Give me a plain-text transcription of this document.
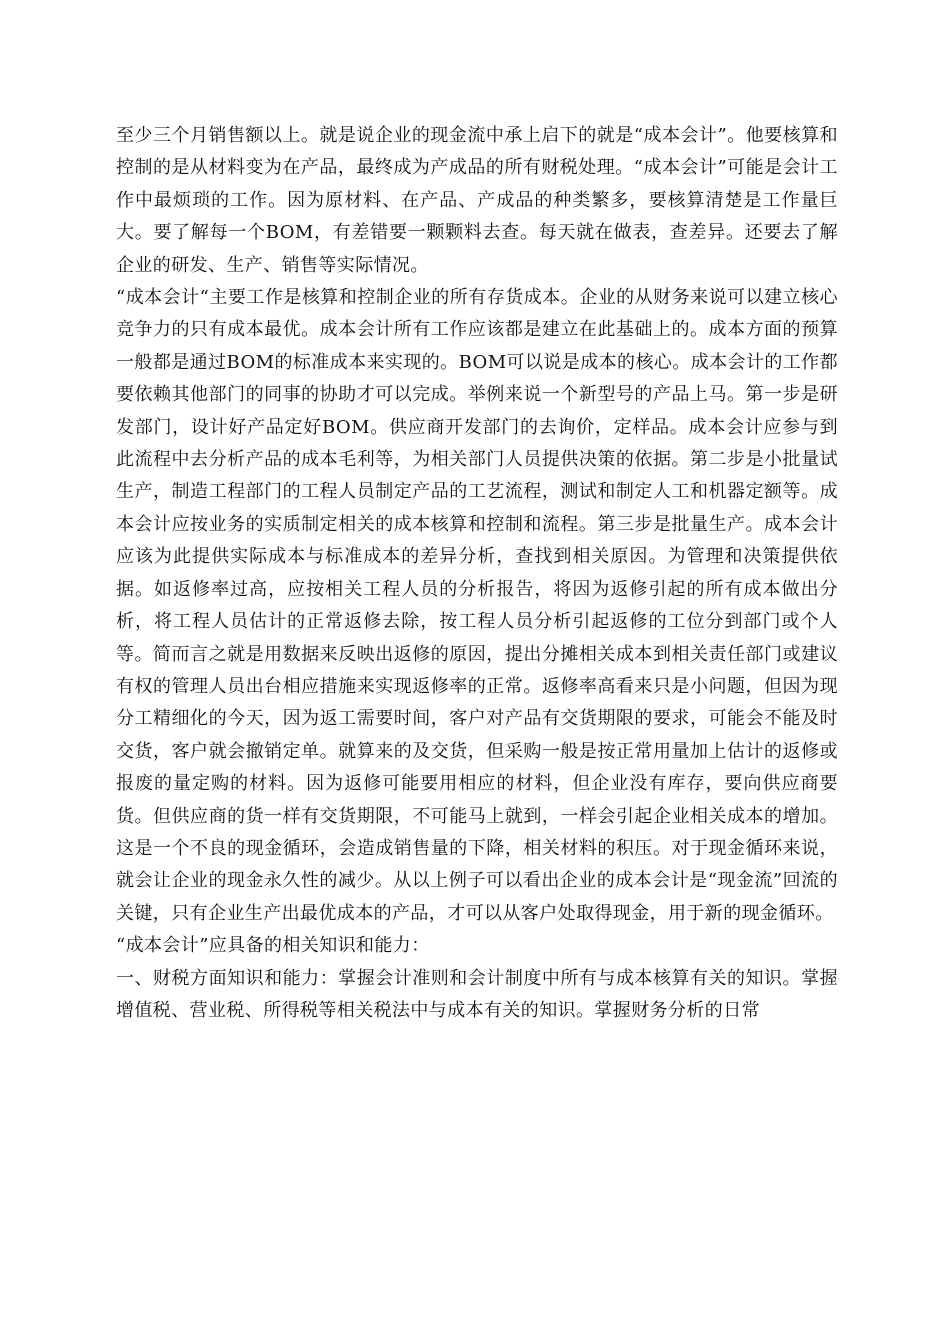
至少三个月销售额以上。就是说企业的现金流中承上启下的就是“成本会计”。他要核算和控制的是从材料变为在产品，最终成为产成品的所有财税处理。“成本会计”可能是会计工作中最烦琐的工作。因为原材料、在产品、产成品的种类繁多，要核算清楚是工作量巨大。要了解每一个BOM，有差错要一颗颗料去查。每天就在做表，查差异。还要去了解企业的研发、生产、销售等实际情况。

“成本会计“主要工作是核算和控制企业的所有存货成本。企业的从财务来说可以建立核心竞争力的只有成本最优。成本会计所有工作应该都是建立在此基础上的。成本方面的预算一般都是通过BOM的标准成本来实现的。BOM可以说是成本的核心。成本会计的工作都要依赖其他部门的同事的协助才可以完成。举例来说一个新型号的产品上马。第一步是研发部门，设计好产品定好BOM。供应商开发部门的去询价，定样品。成本会计应参与到此流程中去分析产品的成本毛利等，为相关部门人员提供决策的依据。第二步是小批量试生产，制造工程部门的工程人员制定产品的工艺流程，测试和制定人工和机器定额等。成本会计应按业务的实质制定相关的成本核算和控制和流程。第三步是批量生产。成本会计应该为此提供实际成本与标准成本的差异分析，查找到相关原因。为管理和决策提供依据。如返修率过高，应按相关工程人员的分析报告，将因为返修引起的所有成本做出分析，将工程人员估计的正常返修去除，按工程人员分析引起返修的工位分到部门或个人等。简而言之就是用数据来反映出返修的原因，提出分摊相关成本到相关责任部门或建议有权的管理人员出台相应措施来实现返修率的正常。返修率高看来只是小问题，但因为现分工精细化的今天，因为返工需要时间，客户对产品有交货期限的要求，可能会不能及时交货，客户就会撤销定单。就算来的及交货，但采购一般是按正常用量加上估计的返修或报废的量定购的材料。因为返修可能要用相应的材料，但企业没有库存，要向供应商要货。但供应商的货一样有交货期限，不可能马上就到，一样会引起企业相关成本的增加。这是一个不良的现金循环，会造成销售量的下降，相关材料的积压。对于现金循环来说，就会让企业的现金永久性的减少。从以上例子可以看出企业的成本会计是“现金流”回流的关键，只有企业生产出最优成本的产品，才可以从客户处取得现金，用于新的现金循环。

“成本会计”应具备的相关知识和能力：

一、财税方面知识和能力：掌握会计准则和会计制度中所有与成本核算有关的知识。掌握增值税、营业税、所得税等相关税法中与成本有关的知识。掌握财务分析的日常
